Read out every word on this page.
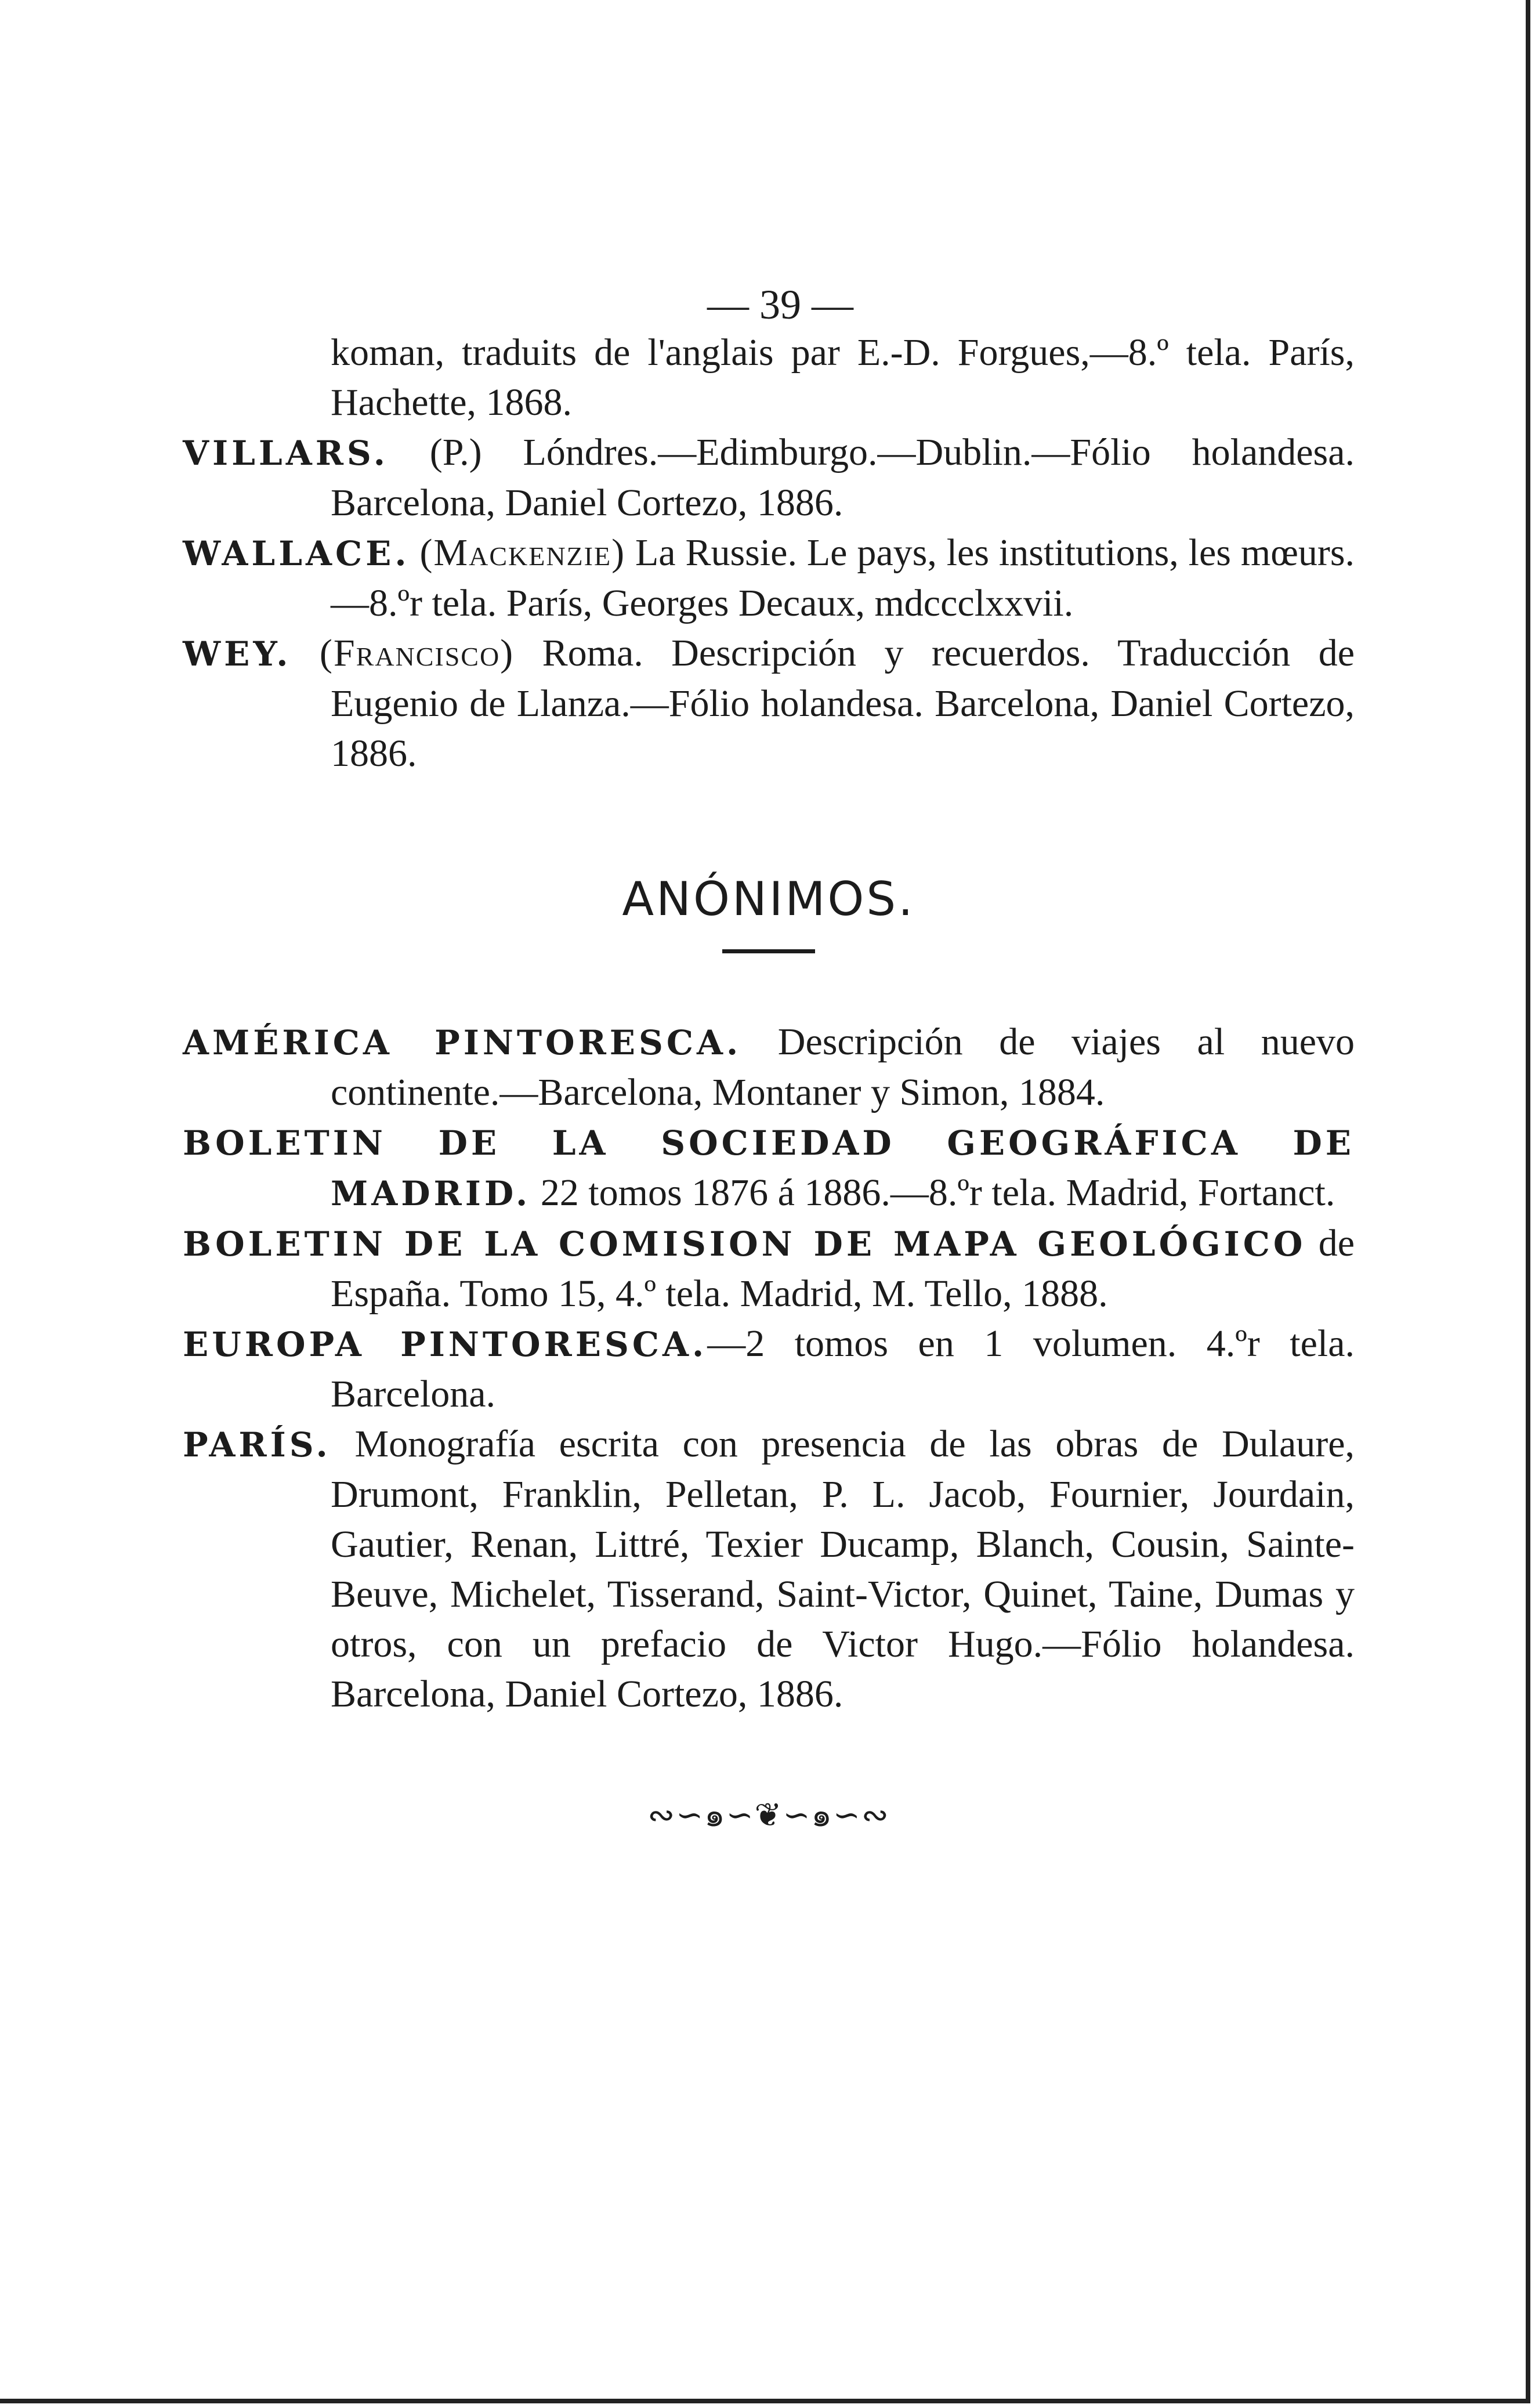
— 39 —
koman, traduits de l'anglais par E.-D. Forgues,—8.º tela. París, Hachette, 1868.
VILLARS. (P.) Lóndres.—Edimburgo.—Dublin.—Fólio holandesa. Barcelona, Daniel Cortezo, 1886.
WALLACE. (Mackenzie) La Russie. Le pays, les institutions, les mœurs.—8.ºr tela. París, Georges Decaux, mdccclxxvii.
WEY. (Francisco) Roma. Descripción y recuerdos. Traducción de Eugenio de Llanza.—Fólio holandesa. Barcelona, Daniel Cortezo, 1886.
ANÓNIMOS.
AMÉRICA PINTORESCA. Descripción de viajes al nuevo continente.—Barcelona, Montaner y Simon, 1884.
BOLETIN DE LA SOCIEDAD GEOGRÁFICA DE MADRID. 22 tomos 1876 á 1886.—8.ºr tela. Madrid, Fortanct.
BOLETIN DE LA COMISION DE MAPA GEOLÓGICO de España. Tomo 15, 4.º tela. Madrid, M. Tello, 1888.
EUROPA PINTORESCA.—2 tomos en 1 volumen. 4.ºr tela. Barcelona.
PARÍS. Monografía escrita con presencia de las obras de Dulaure, Drumont, Franklin, Pelletan, P. L. Jacob, Fournier, Jourdain, Gautier, Renan, Littré, Texier Ducamp, Blanch, Cousin, Sainte-Beuve, Michelet, Tisserand, Saint-Victor, Quinet, Taine, Dumas y otros, con un prefacio de Victor Hugo.—Fólio holandesa. Barcelona, Daniel Cortezo, 1886.
∾∽๑∽❦∽๑∽∾
